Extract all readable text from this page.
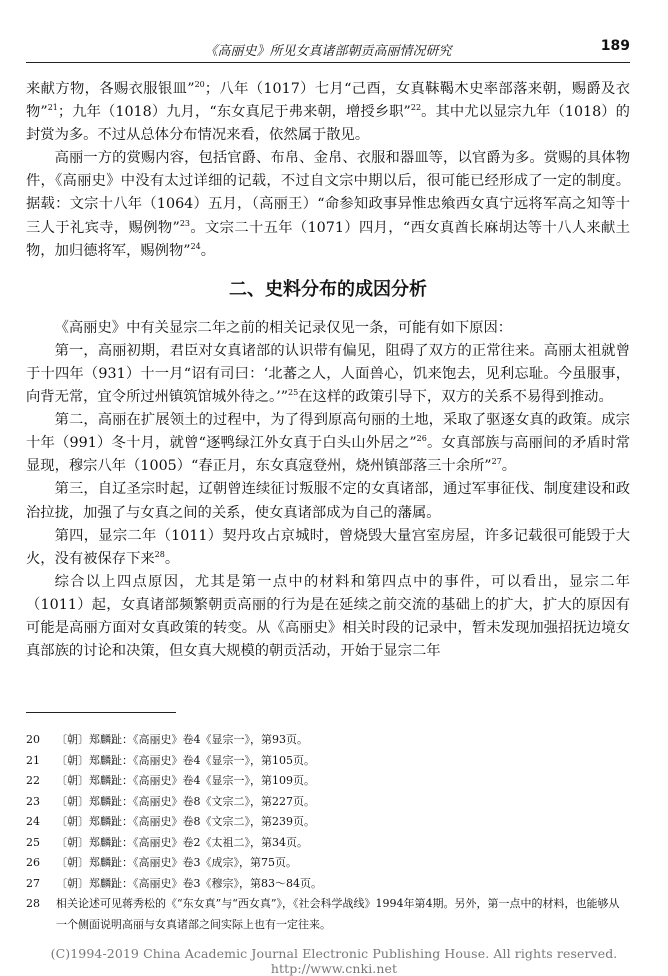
《高丽史》所见女真诸部朝贡高丽情况研究	189

来献方物，各赐衣服银皿”$^{20}$；八年（1017）七月“己酉，女真靺鞨木史率部落来朝，赐爵及衣物”$^{21}$；九年（1018）九月，“东女真尼于弗来朝，增授乡职”$^{22}$。其中尤以显宗九年（1018）的封赏为多。不过从总体分布情况来看，依然属于散见。

高丽一方的赏赐内容，包括官爵、布帛、金帛、衣服和器皿等，以官爵为多。赏赐的具体物件，《高丽史》中没有太过详细的记载，不过自文宗中期以后，很可能已经形成了一定的制度。据载：文宗十八年（1064）五月，（高丽王）“命参知政事异惟忠飨西女真宁远将军高之知等十三人于礼宾寺，赐例物”$^{23}$。文宗二十五年（1071）四月，“西女真酋长麻胡达等十八人来献土物，加归德将军，赐例物”$^{24}$。

二、史料分布的成因分析

《高丽史》中有关显宗二年之前的相关记录仅见一条，可能有如下原因：

第一，高丽初期，君臣对女真诸部的认识带有偏见，阻碍了双方的正常往来。高丽太祖就曾于十四年（931）十一月“诏有司曰：‘北蕃之人，人面兽心，饥来饱去，见利忘耻。今虽服事，向背无常，宜令所过州镇筑馆城外待之。’”$^{25}$在这样的政策引导下，双方的关系不易得到推动。

第二，高丽在扩展领土的过程中，为了得到原高句丽的土地，采取了驱逐女真的政策。成宗十年（991）冬十月，就曾“逐鸭绿江外女真于白头山外居之”$^{26}$。女真部族与高丽间的矛盾时常显现，穆宗八年（1005）“春正月，东女真寇登州，烧州镇部落三十余所”$^{27}$。

第三，自辽圣宗时起，辽朝曾连续征讨叛服不定的女真诸部，通过军事征伐、制度建设和政治拉拢，加强了与女真之间的关系，使女真诸部成为自己的藩属。

第四，显宗二年（1011）契丹攻占京城时，曾烧毁大量宫室房屋，许多记载很可能毁于大火，没有被保存下来$^{28}$。

综合以上四点原因，尤其是第一点中的材料和第四点中的事件，可以看出，显宗二年（1011）起，女真诸部频繁朝贡高丽的行为是在延续之前交流的基础上的扩大，扩大的原因有可能是高丽方面对女真政策的转变。从《高丽史》相关时段的记录中，暂未发现加强招抚边境女真部族的讨论和决策，但女真大规模的朝贡活动，开始于显宗二年

20 〔朝〕郑麟趾：《高丽史》卷4《显宗一》，第93页。
21 〔朝〕郑麟趾：《高丽史》卷4《显宗一》，第105页。
22 〔朝〕郑麟趾：《高丽史》卷4《显宗一》，第109页。
23 〔朝〕郑麟趾：《高丽史》卷8《文宗二》，第227页。
24 〔朝〕郑麟趾：《高丽史》卷8《文宗二》，第239页。
25 〔朝〕郑麟趾：《高丽史》卷2《太祖二》，第34页。
26 〔朝〕郑麟趾：《高丽史》卷3《成宗》，第75页。
27 〔朝〕郑麟趾：《高丽史》卷3《穆宗》，第83～84页。
28 相关论述可见蒋秀松的《“东女真”与“西女真”》，《社会科学战线》1994年第4期。另外，第一点中的材料，也能够从一个侧面说明高丽与女真诸部之间实际上也有一定往来。
(C)1994-2019 China Academic Journal Electronic Publishing House. All rights reserved. http://www.cnki.net
